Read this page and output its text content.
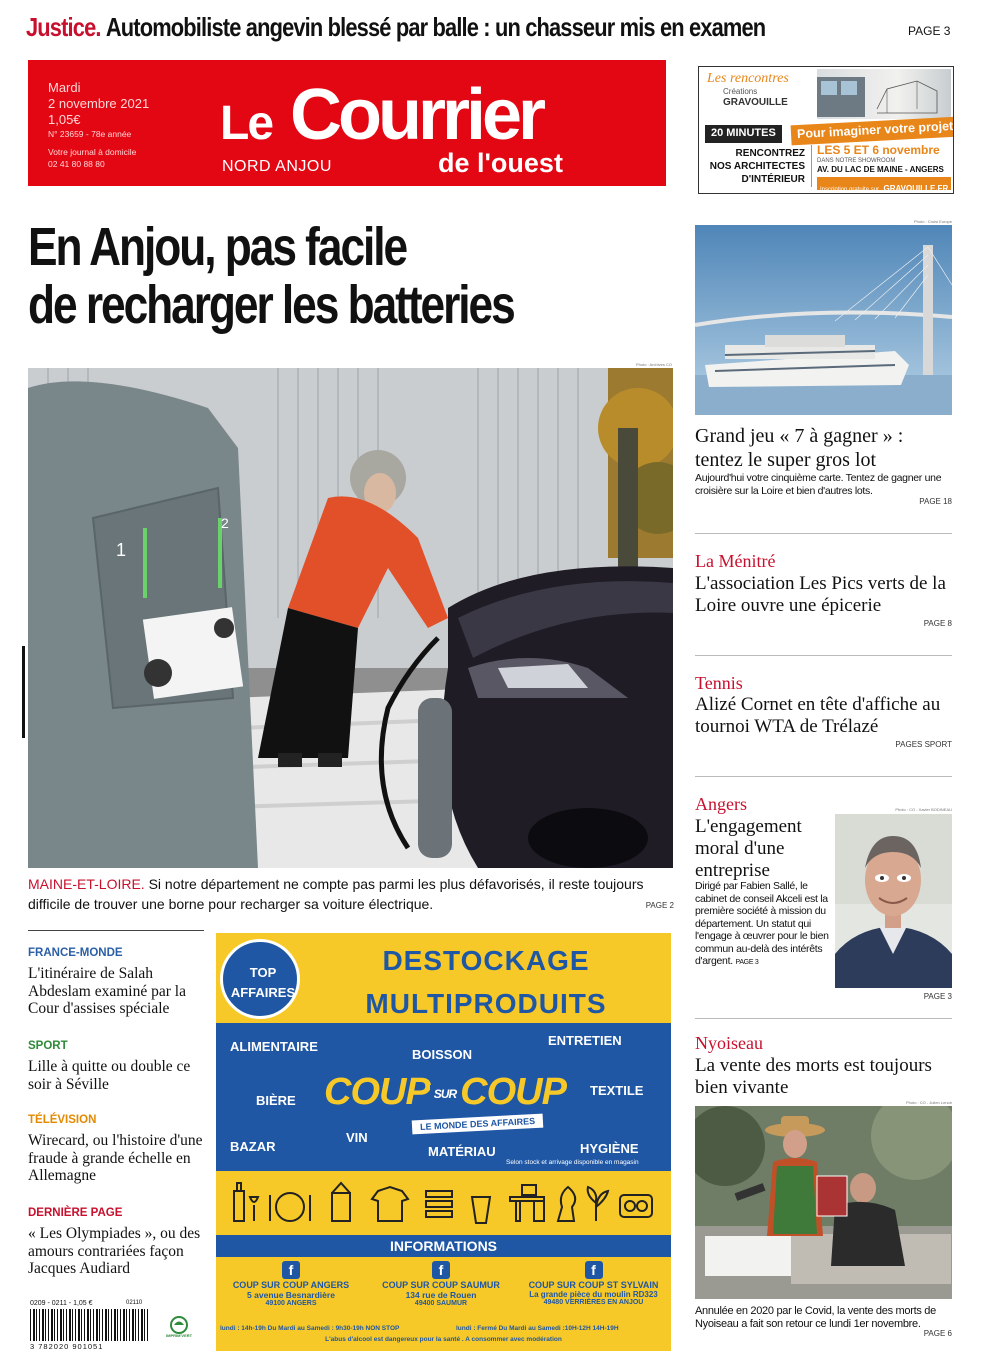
Justice. Automobiliste angevin blessé par balle : un chasseur mis en examen	PAGE 3
Mardi
2 novembre 2021
1,05€
N° 23659 - 78e année
Votre journal à domicile
02 41 80 88 80
Le Courrier
de l'ouest
NORD ANJOU
Les rencontres
Créations
GRAVOUILLE
20 MINUTES	Pour imaginer votre projet
RENCONTREZ
NOS ARCHITECTES
D'INTÉRIEUR
LES 5 ET 6 novembre
DANS NOTRE SHOWROOM
AV. DU LAC DE MAINE - ANGERS
Inscription gratuite sur GRAVOUILLE.FR
En Anjou, pas facile
de recharger les batteries
Photo : Archives CO
1
2
MAINE-ET-LOIRE. Si notre département ne compte pas parmi les plus défavorisés, il reste toujours difficile de trouver une borne pour recharger sa voiture électrique.	PAGE 2
FRANCE-MONDE
L'itinéraire de Salah Abdeslam examiné par la Cour d'assises spéciale
SPORT
Lille à quitte ou double ce soir à Séville
TÉLÉVISION
Wirecard, ou l'histoire d'une fraude à grande échelle en Allemagne
DERNIÈRE PAGE
« Les Olympiades », ou des amours contrariées façon Jacques Audiard
0209 - 0211 - 1,05 €	02110
3 782020 901051
IMPRIM'VERT
TOP AFFAIRES
DESTOCKAGE
MULTIPRODUITS
ALIMENTAIRE
BOISSON
ENTRETIEN
BIÈRE
TEXTILE
VIN
BAZAR	MATÉRIAU	HYGIÈNE
COUP SUR COUP
LE MONDE DES AFFAIRES
Selon stock et arrivage disponible en magasin
INFORMATIONS
f
COUP SUR COUP ANGERS
5 avenue Besnardière
49100 ANGERS
f
COUP SUR COUP SAUMUR
134 rue de Rouen
49400 SAUMUR
f
COUP SUR COUP ST SYLVAIN
La grande pièce du moulin RD323
49480 VERRIÈRES EN ANJOU
lundi : 14h-19h Du Mardi au Samedi : 9h30-19h NON STOP	lundi : Fermé Du Mardi au Samedi :10H-12H 14H-19H
L'abus d'alcool est dangereux pour la santé . A consommer avec modération
Photo : Croisi Europe
Grand jeu « 7 à gagner » : tentez le super gros lot
Aujourd'hui votre cinquième carte. Tentez de gagner une croisière sur la Loire et bien d'autres lots.
PAGE 18
La Ménitré
L'association Les Pics verts de la Loire ouvre une épicerie
PAGE 8
Tennis
Alizé Cornet en tête d'affiche au tournoi WTA de Trélazé
PAGES SPORT
Angers	Photo : CO - Xavier BODINEAU
L'engagement moral d'une entreprise
Dirigé par Fabien Sallé, le cabinet de conseil Akceli est la première société à mission du département. Un statut qui l'engage à œuvrer pour le bien commun au-delà des intérêts d'argent. PAGE 3
PAGE 3
Nyoiseau
La vente des morts est toujours bien vivante
Photo : CO - Julien Lenoir
Annulée en 2020 par le Covid, la vente des morts de Nyoiseau a fait son retour ce lundi 1er novembre.
PAGE 6
